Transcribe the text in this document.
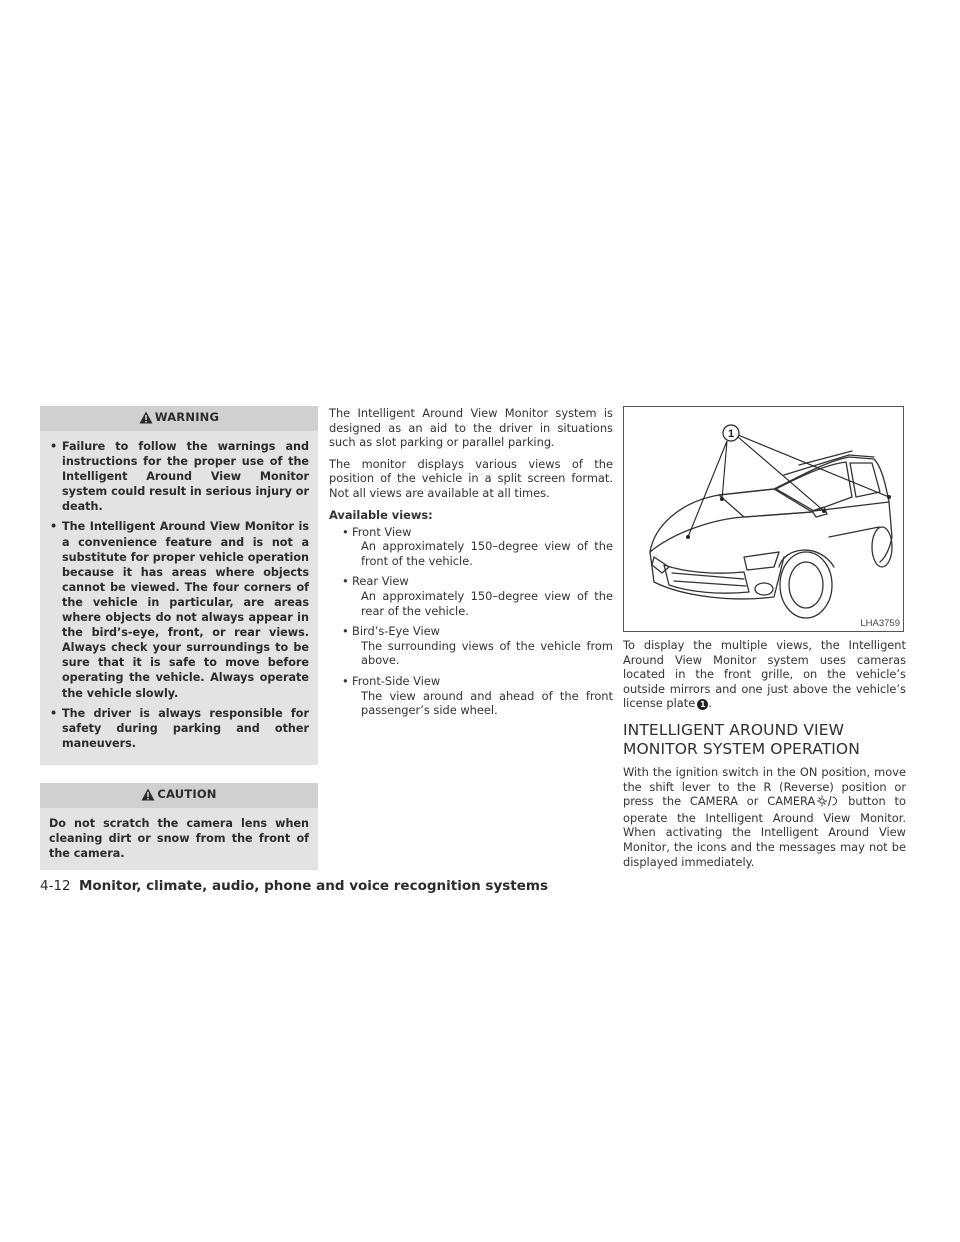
WARNING
• Failure to follow the warnings and instructions for the proper use of the Intelligent Around View Monitor system could result in serious injury or death.
• The Intelligent Around View Monitor is a convenience feature and is not a substitute for proper vehicle operation because it has areas where objects cannot be viewed. The four corners of the vehicle in particular, are areas where objects do not always appear in the bird’s-eye, front, or rear views. Always check your surroundings to be sure that it is safe to move before operating the vehicle. Always operate the vehicle slowly.
• The driver is always responsible for safety during parking and other maneuvers.
CAUTION

Do not scratch the camera lens when cleaning dirt or snow from the front of the camera.

The Intelligent Around View Monitor system is designed as an aid to the driver in situations such as slot parking or parallel parking.

The monitor displays various views of the position of the vehicle in a split screen format. Not all views are available at all times.

Available views:

• Front View
An approximately 150–degree view of the front of the vehicle.
• Rear View
An approximately 150–degree view of the rear of the vehicle.
• Bird’s-Eye View
The surrounding views of the vehicle from above.
• Front-Side View
The view around and ahead of the front passenger’s side wheel.
1
LHA3759

To display the multiple views, the Intelligent Around View Monitor system uses cameras located in the front grille, on the vehicle’s outside mirrors and one just above the vehicle’s license plate 1 .

INTELLIGENT AROUND VIEW
MONITOR SYSTEM OPERATION

With the ignition switch in the ON position, move the shift lever to the R (Reverse) position or press the CAMERA or CAMERA button to operate the Intelligent Around View Monitor. When activating the Intelligent Around View Monitor, the icons and the messages may not be displayed immediately.

4-12 Monitor, climate, audio, phone and voice recognition systems
